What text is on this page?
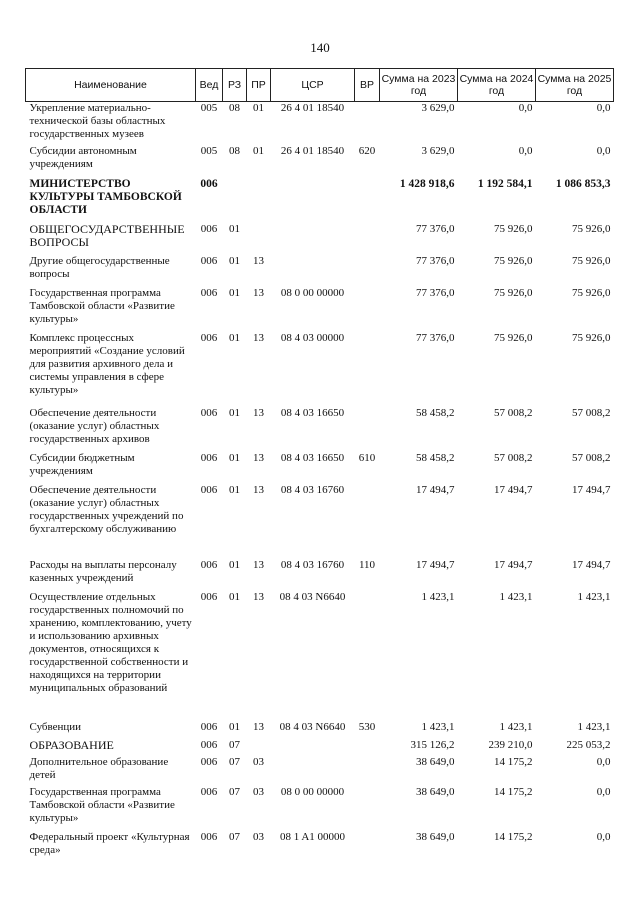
140
Наименование	Вед	РЗ	ПР	ЦСР	ВР	Сумма на 2023 год	Сумма на 2024 год	Сумма на 2025 год
Укрепление материально-технической базы областных государственных музеев	005	08	01	26 4 01 18540		3 629,0	0,0	0,0
Субсидии автономным учреждениям	005	08	01	26 4 01 18540	620	3 629,0	0,0	0,0
МИНИСТЕРСТВО КУЛЬТУРЫ ТАМБОВСКОЙ ОБЛАСТИ	006					1 428 918,6	1 192 584,1	1 086 853,3
ОБЩЕГОСУДАРСТВЕННЫЕ ВОПРОСЫ	006	01				77 376,0	75 926,0	75 926,0
Другие общегосударственные вопросы	006	01	13			77 376,0	75 926,0	75 926,0
Государственная программа Тамбовской области «Развитие культуры»	006	01	13	08 0 00 00000		77 376,0	75 926,0	75 926,0
Комплекс процессных мероприятий «Создание условий для развития архивного дела и системы управления в сфере культуры»	006	01	13	08 4 03 00000		77 376,0	75 926,0	75 926,0
Обеспечение деятельности (оказание услуг) областных государственных архивов	006	01	13	08 4 03 16650		58 458,2	57 008,2	57 008,2
Субсидии бюджетным учреждениям	006	01	13	08 4 03 16650	610	58 458,2	57 008,2	57 008,2
Обеспечение деятельности (оказание услуг) областных государственных учреждений по бухгалтерскому обслуживанию	006	01	13	08 4 03 16760		17 494,7	17 494,7	17 494,7
Расходы на выплаты персоналу казенных учреждений	006	01	13	08 4 03 16760	110	17 494,7	17 494,7	17 494,7
Осуществление отдельных государственных полномочий по хранению, комплектованию, учету и использованию архивных документов, относящихся к государственной собственности и находящихся на территории муниципальных образований	006	01	13	08 4 03 N6640		1 423,1	1 423,1	1 423,1
Субвенции	006	01	13	08 4 03 N6640	530	1 423,1	1 423,1	1 423,1
ОБРАЗОВАНИЕ	006	07				315 126,2	239 210,0	225 053,2
Дополнительное образование детей	006	07	03			38 649,0	14 175,2	0,0
Государственная программа Тамбовской области «Развитие культуры»	006	07	03	08 0 00 00000		38 649,0	14 175,2	0,0
Федеральный проект «Культурная среда»	006	07	03	08 1 A1 00000		38 649,0	14 175,2	0,0
